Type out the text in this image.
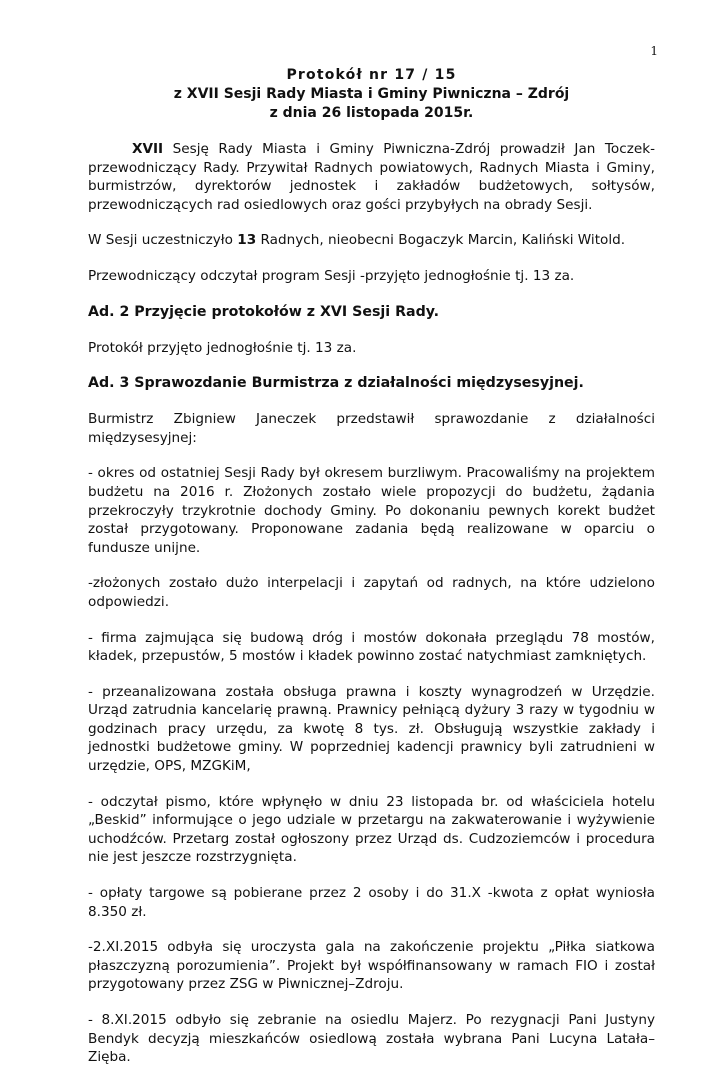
1
Protokół nr 17 / 15
z XVII Sesji Rady Miasta i Gminy Piwniczna – Zdrój
z dnia 26 listopada 2015r.

XVII Sesję Rady Miasta i Gminy Piwniczna-Zdrój prowadził Jan Toczek-przewodniczący Rady. Przywitał Radnych powiatowych, Radnych Miasta i Gminy, burmistrzów, dyrektorów jednostek i zakładów budżetowych, sołtysów, przewodniczących rad osiedlowych oraz gości przybyłych na obrady Sesji.

W Sesji uczestniczyło 13 Radnych, nieobecni Bogaczyk Marcin, Kaliński Witold.

Przewodniczący odczytał program Sesji -przyjęto jednogłośnie tj. 13 za.

Ad. 2 Przyjęcie protokołów z XVI Sesji Rady.

Protokół przyjęto jednogłośnie tj. 13 za.

Ad. 3 Sprawozdanie Burmistrza z działalności międzysesyjnej.

Burmistrz Zbigniew Janeczek przedstawił sprawozdanie z działalności międzysesyjnej:

- okres od ostatniej Sesji Rady był okresem burzliwym. Pracowaliśmy na projektem budżetu na 2016 r. Złożonych zostało wiele propozycji do budżetu, żądania przekroczyły trzykrotnie dochody Gminy. Po dokonaniu pewnych korekt budżet został przygotowany. Proponowane zadania będą realizowane w oparciu o fundusze unijne.

-złożonych zostało dużo interpelacji i zapytań od radnych, na które udzielono odpowiedzi.

- firma zajmująca się budową dróg i mostów dokonała przeglądu 78 mostów, kładek, przepustów, 5 mostów i kładek powinno zostać natychmiast zamkniętych.

- przeanalizowana została obsługa prawna i koszty wynagrodzeń w Urzędzie. Urząd zatrudnia kancelarię prawną. Prawnicy pełniącą dyżury 3 razy w tygodniu w godzinach pracy urzędu, za kwotę 8 tys. zł. Obsługują wszystkie zakłady i jednostki budżetowe gminy. W poprzedniej kadencji prawnicy byli zatrudnieni w urzędzie, OPS, MZGKiM,

- odczytał pismo, które wpłynęło w dniu 23 listopada br. od właściciela hotelu „Beskid” informujące o jego udziale w przetargu na zakwaterowanie i wyżywienie uchodźców. Przetarg został ogłoszony przez Urząd ds. Cudzoziemców i procedura nie jest jeszcze rozstrzygnięta.

- opłaty targowe są pobierane przez 2 osoby i do 31.X -kwota z opłat wyniosła 8.350 zł.

-2.XI.2015 odbyła się uroczysta gala na zakończenie projektu „Piłka siatkowa płaszczyzną porozumienia”. Projekt był współfinansowany w ramach FIO i został przygotowany przez ZSG w Piwnicznej–Zdroju.

- 8.XI.2015 odbyło się zebranie na osiedlu Majerz. Po rezygnacji Pani Justyny Bendyk decyzją mieszkańców osiedlową została wybrana Pani Lucyna Latała–Zięba.
